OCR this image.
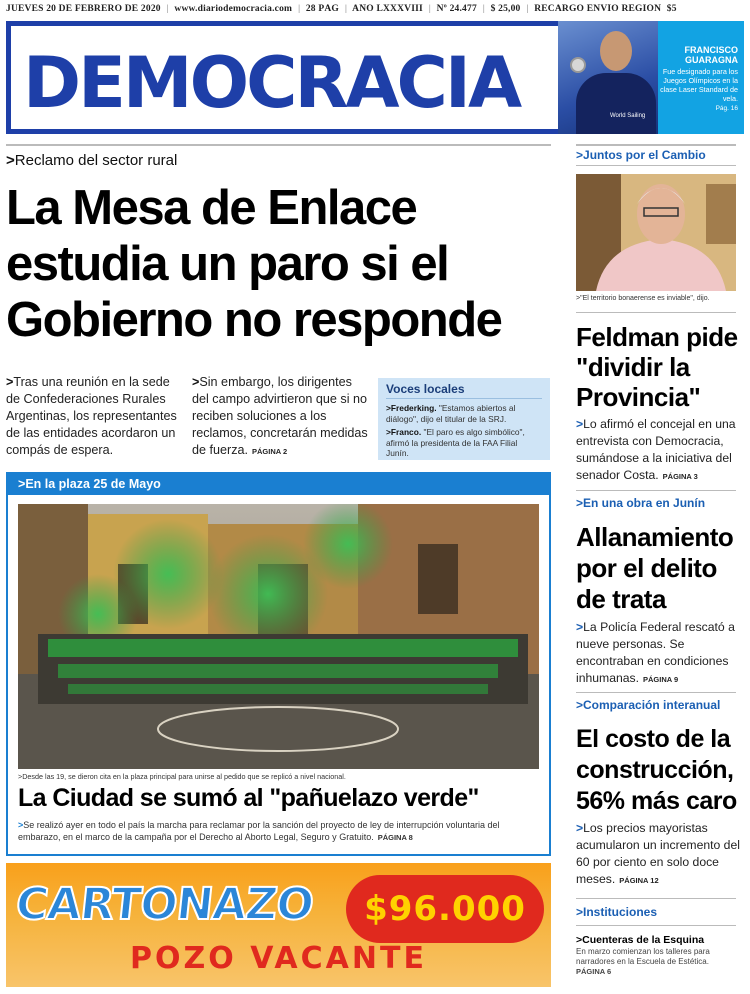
JUEVES 20 DE FEBRERO DE 2020 | www.diariodemocracia.com | 28 PÁG | AÑO LXXXVIII | Nº 24.477 | $ 25,00 | RECARGO ENVÍO REGIÓN $5
DEMOCRACIA	World Sailing
FRANCISCO
GUARAGNA
Fue designado para los Juegos Olímpicos en la clase Laser Standard de vela.
Pág. 16
>Reclamo del sector rural
La Mesa de Enlace estudia un paro si el Gobierno no responde
>Tras una reunión en la sede de Confederaciones Rurales Argentinas, los representantes de las entidades acordaron un compás de espera.
>Sin embargo, los dirigentes del campo advirtieron que si no reciben soluciones a los reclamos, concretarán medidas de fuerza. PÁGINA 2
Voces locales
>Frederking. "Estamos abiertos al diálogo", dijo el titular de la SRJ.
>Franco. "El paro es algo simbólico", afirmó la presidenta de la FAA Filial Junín.
>En la plaza 25 de Mayo
>Desde las 19, se dieron cita en la plaza principal para unirse al pedido que se replicó a nivel nacional.
La Ciudad se sumó al "pañuelazo verde"
>Se realizó ayer en todo el país la marcha para reclamar por la sanción del proyecto de ley de interrupción voluntaria del embarazo, en el marco de la campaña por el Derecho al Aborto Legal, Seguro y Gratuito. PÁGINA 8
CARTONAZO	$96.000
POZO VACANTE
>Juntos por el Cambio
>"El territorio bonaerense es inviable", dijo.
Feldman pide "dividir la Provincia"
>Lo afirmó el concejal en una entrevista con Democracia, sumándose a la iniciativa del senador Costa. PÁGINA 3
>En una obra en Junín
Allanamiento por el delito de trata
>La Policía Federal rescató a nueve personas. Se encontraban en condiciones inhumanas. PÁGINA 9
>Comparación interanual
El costo de la construcción, 56% más caro
>Los precios mayoristas acumularon un incremento del 60 por ciento en solo doce meses. PÁGINA 12
>Instituciones
>Cuenteras de la Esquina
En marzo comienzan los talleres para narradores en la Escuela de Estética.
PÁGINA 6
